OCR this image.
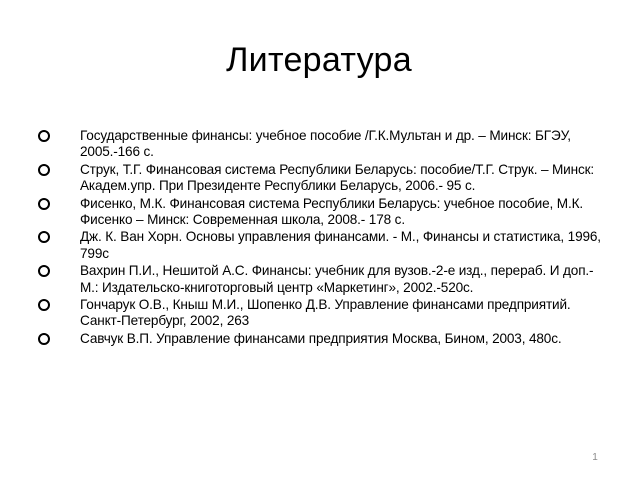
Литература
Государственные финансы: учебное пособие /Г.К.Мультан и др. – Минск: БГЭУ, 2005.-166 с.
Струк, Т.Г. Финансовая система Республики Беларусь: пособие/Т.Г. Струк. – Минск: Академ.упр. При Президенте Республики Беларусь, 2006.- 95 с.
Фисенко, М.К. Финансовая система Республики Беларусь: учебное пособие, М.К. Фисенко – Минск: Современная школа, 2008.- 178 с.
Дж. К. Ван Хорн. Основы управления финансами. - М., Финансы и статистика, 1996, 799с
Вахрин П.И., Нешитой А.С. Финансы: учебник для вузов.-2-е изд., перераб. И доп.-М.: Издательско-книготорговый центр «Маркетинг», 2002.-520с.
Гончарук О.В., Кныш М.И., Шопенко Д.В. Управление финансами предприятий. Санкт-Петербург, 2002, 263
Савчук В.П. Управление финансами предприятия Москва, Бином, 2003, 480с.
1
